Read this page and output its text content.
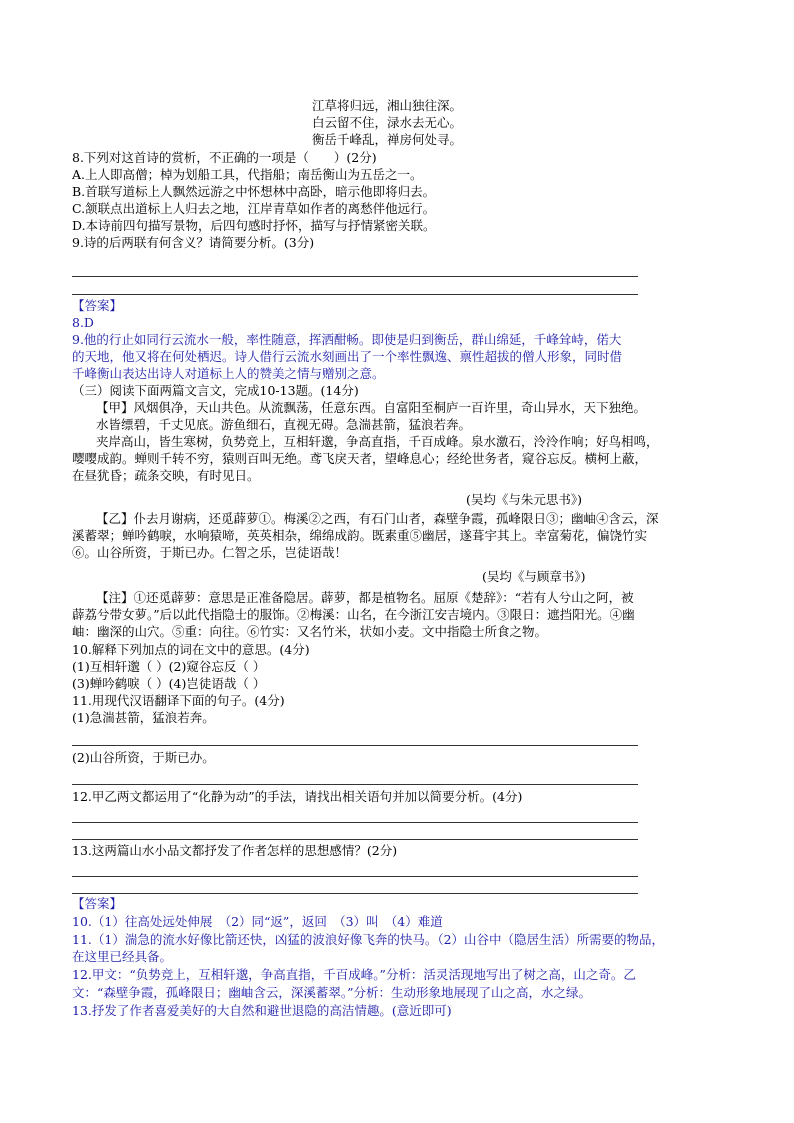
江草将归远，湘山独往深。
白云留不住，渌水去无心。
衡岳千峰乱，禅房何处寻。
8.下列对这首诗的赏析，不正确的一项是（　　）(2分)
A.上人即高僧；棹为划船工具，代指船；南岳衡山为五岳之一。
B.首联写道标上人飘然远游之中怀想林中高卧，暗示他即将归去。
C.颔联点出道标上人归去之地，江岸青草如作者的离愁伴他远行。
D.本诗前四句描写景物，后四句感时抒怀，描写与抒情紧密关联。
9.诗的后两联有何含义？请简要分析。(3分)
【答案】
8.D
9.他的行止如同行云流水一般，率性随意，挥洒酣畅。即使是归到衡岳，群山绵延，千峰耸峙，偌大
的天地，他又将在何处栖迟。诗人借行云流水刻画出了一个率性飘逸、禀性超拔的僧人形象，同时借
千峰衡山表达出诗人对道标上人的赞美之情与赠别之意。
（三）阅读下面两篇文言文，完成10-13题。(14分)
【甲】风烟俱净，天山共色。从流飘荡，任意东西。自富阳至桐庐一百许里，奇山异水，天下独绝。
水皆缥碧，千丈见底。游鱼细石，直视无碍。急湍甚箭，猛浪若奔。
夹岸高山，皆生寒树，负势竞上，互相轩邈，争高直指，千百成峰。泉水激石，泠泠作响；好鸟相鸣，
嘤嘤成韵。蝉则千转不穷，猿则百叫无绝。鸢飞戾天者，望峰息心；经纶世务者，窥谷忘反。横柯上蔽，
在昼犹昏；疏条交映，有时见日。
(吴均《与朱元思书》)
【乙】仆去月谢病，还觅薜萝①。梅溪②之西，有石门山者，森壁争霞，孤峰限日③；幽岫④含云，深
溪蓄翠；蝉吟鹤唳，水响猿啼，英英相杂，绵绵成韵。既素重⑤幽居，遂葺宇其上。幸富菊花，偏饶竹实
⑥。山谷所资，于斯已办。仁智之乐，岂徒语哉！
(吴均《与顾章书》)
【注】①还觅薜萝：意思是正准备隐居。薜萝，都是植物名。屈原《楚辞》：“若有人兮山之阿，被
薜荔兮带女萝。”后以此代指隐士的服饰。②梅溪：山名，在今浙江安吉境内。③限日：遮挡阳光。④幽
岫：幽深的山穴。⑤重：向往。⑥竹实：又名竹米，状如小麦。文中指隐士所食之物。
10.解释下列加点的词在文中的意思。(4分)
(1)互相轩邈（ ）(2)窥谷忘反（ ）
(3)蝉吟鹤唳（ ）(4)岂徒语哉（ ）
11.用现代汉语翻译下面的句子。(4分)
(1)急湍甚箭，猛浪若奔。
(2)山谷所资，于斯已办。
12.甲乙两文都运用了“化静为动”的手法，请找出相关语句并加以简要分析。(4分)
13.这两篇山水小品文都抒发了作者怎样的思想感情？(2分)
【答案】
10.（1）往高处远处伸展　（2）同“返”，返回　（3）叫　（4）难道
11.（1）湍急的流水好像比箭还快，凶猛的波浪好像飞奔的快马。（2）山谷中（隐居生活）所需要的物品，
在这里已经具备。
12.甲文：“负势竞上，互相轩邈，争高直指，千百成峰。”分析：活灵活现地写出了树之高，山之奇。乙
文：“森壁争霞，孤峰限日；幽岫含云，深溪蓄翠。”分析：生动形象地展现了山之高，水之绿。
13.抒发了作者喜爱美好的大自然和避世退隐的高洁情趣。(意近即可)
